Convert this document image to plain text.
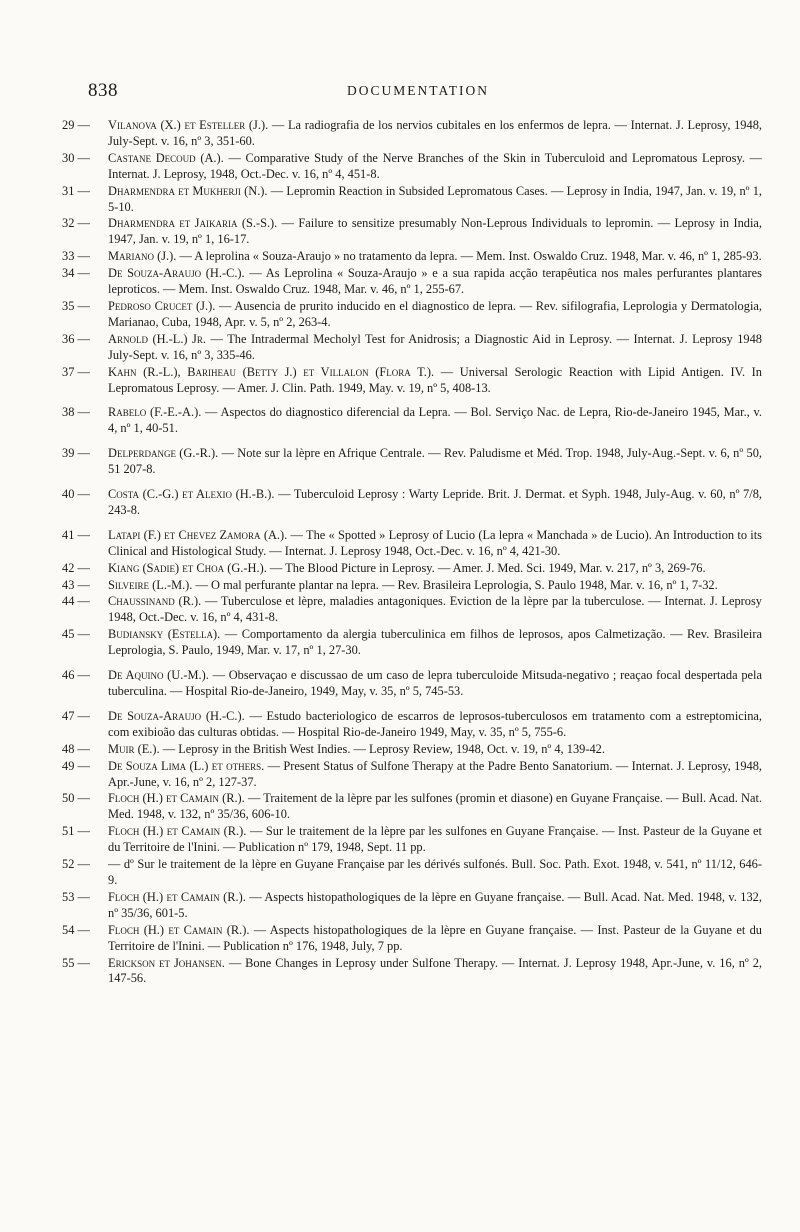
838	DOCUMENTATION
29 —	Vilanova (X.) et Esteller (J.). — La radiografia de los nervios cubitales en los enfermos de lepra. — Internat. J. Leprosy, 1948, July-Sept. v. 16, nº 3, 351-60.
30 —	Castane Decoud (A.). — Comparative Study of the Nerve Branches of the Skin in Tuberculoid and Lepromatous Leprosy. — Internat. J. Leprosy, 1948, Oct.-Dec. v. 16, nº 4, 451-8.
31 —	Dharmendra et Mukherji (N.). — Lepromin Reaction in Subsided Lepromatous Cases. — Leprosy in India, 1947, Jan. v. 19, nº 1, 5-10.
32 —	Dharmendra et Jaikaria (S.-S.). — Failure to sensitize presumably Non-Leprous Individuals to lepromin. — Leprosy in India, 1947, Jan. v. 19, nº 1, 16-17.
33 —	Mariano (J.). — A leprolina « Souza-Araujo » no tratamento da lepra. — Mem. Inst. Oswaldo Cruz. 1948, Mar. v. 46, nº 1, 285-93.
34 —	De Souza-Araujo (H.-C.). — As Leprolina « Souza-Araujo » e a sua rapida acção terapêutica nos males perfurantes plantares leproticos. — Mem. Inst. Oswaldo Cruz. 1948, Mar. v. 46, nº 1, 255-67.
35 —	Pedroso Crucet (J.). — Ausencia de prurito inducido en el diagnostico de lepra. — Rev. sifilografia, Leprologia y Dermatologia, Marianao, Cuba, 1948, Apr. v. 5, nº 2, 263-4.
36 —	Arnold (H.-L.) Jr. — The Intradermal Mecholyl Test for Anidrosis; a Diagnostic Aid in Leprosy. — Internat. J. Leprosy 1948 July-Sept. v. 16, nº 3, 335-46.
37 —	Kahn (R.-L.), Bariheau (Betty J.) et Villalon (Flora T.). — Universal Serologic Reaction with Lipid Antigen. IV. In Lepromatous Leprosy. — Amer. J. Clin. Path. 1949, May. v. 19, nº 5, 408-13.
38 —	Rabelo (F.-E.-A.). — Aspectos do diagnostico diferencial da Lepra. — Bol. Serviço Nac. de Lepra, Rio-de-Janeiro 1945, Mar., v. 4, nº 1, 40-51.
39 —	Delperdange (G.-R.). — Note sur la lèpre en Afrique Centrale. — Rev. Paludisme et Méd. Trop. 1948, July-Aug.-Sept. v. 6, nº 50, 51 207-8.
40 —	Costa (C.-G.) et Alexio (H.-B.). — Tuberculoid Leprosy : Warty Lepride. Brit. J. Dermat. et Syph. 1948, July-Aug. v. 60, nº 7/8, 243-8.
41 —	Latapi (F.) et Chevez Zamora (A.). — The « Spotted » Leprosy of Lucio (La lepra « Manchada » de Lucio). An Introduction to its Clinical and Histological Study. — Internat. J. Leprosy 1948, Oct.-Dec. v. 16, nº 4, 421-30.
42 —	Kiang (Sadie) et Choa (G.-H.). — The Blood Picture in Leprosy. — Amer. J. Med. Sci. 1949, Mar. v. 217, nº 3, 269-76.
43 —	Silveire (L.-M.). — O mal perfurante plantar na lepra. — Rev. Brasileira Leprologia, S. Paulo 1948, Mar. v. 16, nº 1, 7-32.
44 —	Chaussinand (R.). — Tuberculose et lèpre, maladies antagoniques. Eviction de la lèpre par la tuberculose. — Internat. J. Leprosy 1948, Oct.-Dec. v. 16, nº 4, 431-8.
45 —	Budiansky (Estella). — Comportamento da alergia tuberculinica em filhos de leprosos, apos Calmetização. — Rev. Brasileira Leprologia, S. Paulo, 1949, Mar. v. 17, nº 1, 27-30.
46 —	De Aquino (U.-M.). — Observaçao e discussao de um caso de lepra tuberculoide Mitsuda-negativo ; reaçao focal despertada pela tuberculina. — Hospital Rio-de-Janeiro, 1949, May, v. 35, nº 5, 745-53.
47 —	De Souza-Araujo (H.-C.). — Estudo bacteriologico de escarros de leprosos-tuberculosos em tratamento com a estreptomicina, com exibioão das culturas obtidas. — Hospital Rio-de-Janeiro 1949, May, v. 35, nº 5, 755-6.
48 —	Muir (E.). — Leprosy in the British West Indies. — Leprosy Review, 1948, Oct. v. 19, nº 4, 139-42.
49 —	De Souza Lima (L.) et others. — Present Status of Sulfone Therapy at the Padre Bento Sanatorium. — Internat. J. Leprosy, 1948, Apr.-June, v. 16, nº 2, 127-37.
50 —	Floch (H.) et Camain (R.). — Traitement de la lèpre par les sulfones (promin et diasone) en Guyane Française. — Bull. Acad. Nat. Med. 1948, v. 132, nº 35/36, 606-10.
51 —	Floch (H.) et Camain (R.). — Sur le traitement de la lèpre par les sulfones en Guyane Française. — Inst. Pasteur de la Guyane et du Territoire de l'Inini. — Publication nº 179, 1948, Sept. 11 pp.
52 —	— dº Sur le traitement de la lèpre en Guyane Française par les dérivés sulfonés. Bull. Soc. Path. Exot. 1948, v. 541, nº 11/12, 646-9.
53 —	Floch (H.) et Camain (R.). — Aspects histopathologiques de la lèpre en Guyane française. — Bull. Acad. Nat. Med. 1948, v. 132, nº 35/36, 601-5.
54 —	Floch (H.) et Camain (R.). — Aspects histopathologiques de la lèpre en Guyane française. — Inst. Pasteur de la Guyane et du Territoire de l'Inini. — Publication nº 176, 1948, July, 7 pp.
55 —	Erickson et Johansen. — Bone Changes in Leprosy under Sulfone Therapy. — Internat. J. Leprosy 1948, Apr.-June, v. 16, nº 2, 147-56.
